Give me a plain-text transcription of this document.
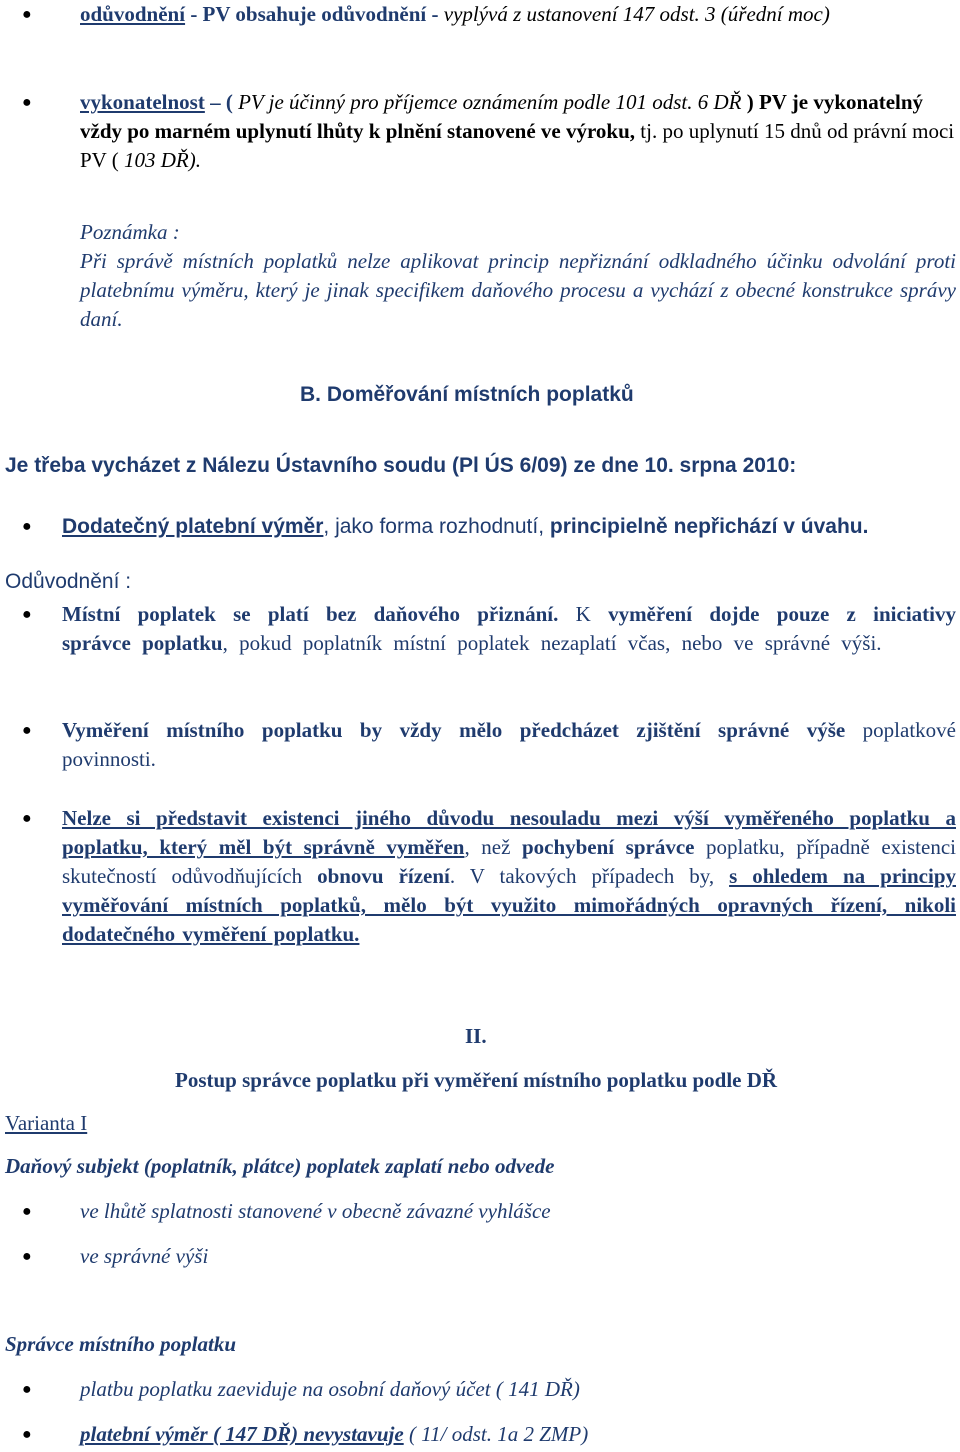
● odůvodnění - PV obsahuje odůvodnění - vyplývá z ustanovení 147 odst. 3 (úřední moc)
● vykonatelnost – ( PV je účinný pro příjemce oznámením podle 101 odst. 6 DŘ ) PV je vykonatelný vždy po marném uplynutí lhůty k plnění stanovené ve výroku, tj. po uplynutí 15 dnů od právní moci PV ( 103 DŘ).
Poznámka :
Při správě místních poplatků nelze aplikovat princip nepřiznání odkladného účinku odvolání proti platebnímu výměru, který je jinak specifikem daňového procesu a vychází z obecné konstrukce správy daní.
B. Doměřování místních poplatků
Je třeba vycházet z Nálezu Ústavního soudu (Pl ÚS 6/09) ze dne 10. srpna 2010:
● Dodatečný platební výměr, jako forma rozhodnutí, principielně nepřichází v úvahu.
Odůvodnění :
● Místní poplatek se platí bez daňového přiznání. K vyměření dojde pouze z iniciativy správce poplatku, pokud poplatník místní poplatek nezaplatí včas, nebo ve správné výši.
● Vyměření místního poplatku by vždy mělo předcházet zjištění správné výše poplatkové povinnosti.
● Nelze si představit existenci jiného důvodu nesouladu mezi výší vyměřeného poplatku a poplatku, který měl být správně vyměřen, než pochybení správce poplatku, případně existenci skutečností odůvodňujících obnovu řízení. V takových případech by, s ohledem na principy vyměřování místních poplatků, mělo být využito mimořádných opravných řízení, nikoli dodatečného vyměření poplatku.
II.
Postup správce poplatku při vyměření místního poplatku podle DŘ
Varianta I
Daňový subjekt (poplatník, plátce) poplatek zaplatí nebo odvede
● ve lhůtě splatnosti stanovené v obecně závazné vyhlášce
● ve správné výši
Správce místního poplatku
● platbu poplatku zaeviduje na osobní daňový účet ( 141 DŘ)
● platební výměr ( 147 DŘ) nevystavuje ( 11/ odst. 1a 2 ZMP)
